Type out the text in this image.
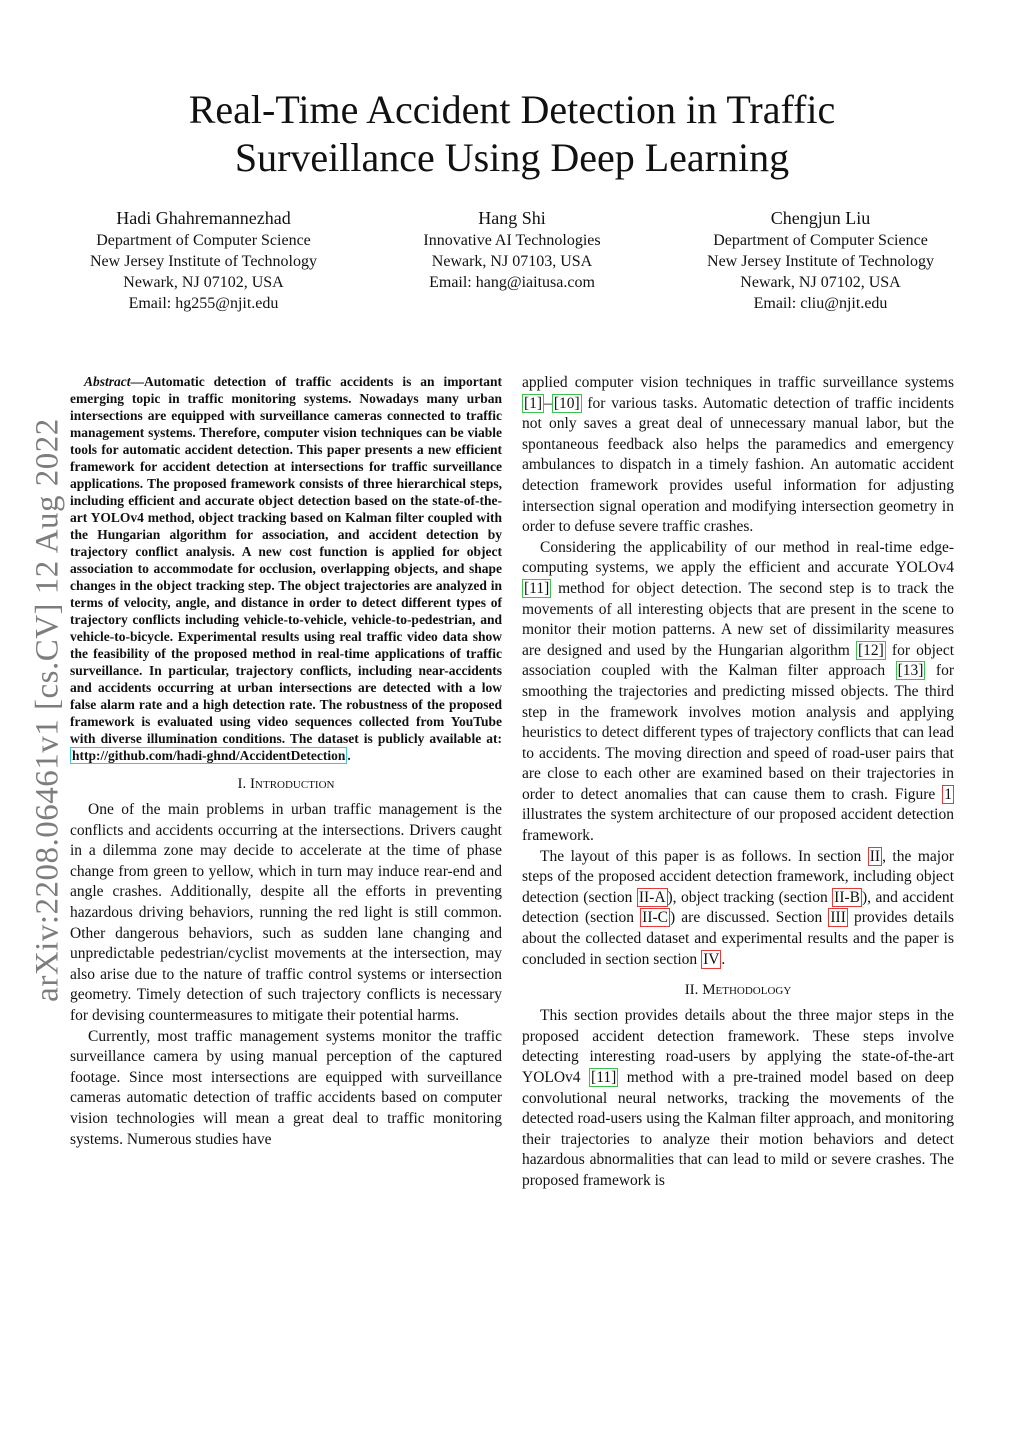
Real-Time Accident Detection in Traffic
Surveillance Using Deep Learning
Hadi Ghahremannezhad
Department of Computer Science
New Jersey Institute of Technology
Newark, NJ 07102, USA
Email: hg255@njit.edu
Hang Shi
Innovative AI Technologies
Newark, NJ 07103, USA
Email: hang@iaitusa.com
Chengjun Liu
Department of Computer Science
New Jersey Institute of Technology
Newark, NJ 07102, USA
Email: cliu@njit.edu
arXiv:2208.06461v1 [cs.CV] 12 Aug 2022

Abstract—Automatic detection of traffic accidents is an important emerging topic in traffic monitoring systems. Nowadays many urban intersections are equipped with surveillance cameras connected to traffic management systems. Therefore, computer vision techniques can be viable tools for automatic accident detection. This paper presents a new efficient framework for accident detection at intersections for traffic surveillance applications. The proposed framework consists of three hierarchical steps, including efficient and accurate object detection based on the state-of-the-art YOLOv4 method, object tracking based on Kalman filter coupled with the Hungarian algorithm for association, and accident detection by trajectory conflict analysis. A new cost function is applied for object association to accommodate for occlusion, overlapping objects, and shape changes in the object tracking step. The object trajectories are analyzed in terms of velocity, angle, and distance in order to detect different types of trajectory conflicts including vehicle-to-vehicle, vehicle-to-pedestrian, and vehicle-to-bicycle. Experimental results using real traffic video data show the feasibility of the proposed method in real-time applications of traffic surveillance. In particular, trajectory conflicts, including near-accidents and accidents occurring at urban intersections are detected with a low false alarm rate and a high detection rate. The robustness of the proposed framework is evaluated using video sequences collected from YouTube with diverse illumination conditions. The dataset is publicly available at: http://github.com/hadi-ghnd/AccidentDetection .

I. Introduction

One of the main problems in urban traffic management is the conflicts and accidents occurring at the intersections. Drivers caught in a dilemma zone may decide to accelerate at the time of phase change from green to yellow, which in turn may induce rear-end and angle crashes. Additionally, despite all the efforts in preventing hazardous driving behaviors, running the red light is still common. Other dangerous behaviors, such as sudden lane changing and unpredictable pedestrian/cyclist movements at the intersection, may also arise due to the nature of traffic control systems or intersection geometry. Timely detection of such trajectory conflicts is necessary for devising countermeasures to mitigate their potential harms.

Currently, most traffic management systems monitor the traffic surveillance camera by using manual perception of the captured footage. Since most intersections are equipped with surveillance cameras automatic detection of traffic accidents based on computer vision technologies will mean a great deal to traffic monitoring systems. Numerous studies have

applied computer vision techniques in traffic surveillance systems [1] – [10] for various tasks. Automatic detection of traffic incidents not only saves a great deal of unnecessary manual labor, but the spontaneous feedback also helps the paramedics and emergency ambulances to dispatch in a timely fashion. An automatic accident detection framework provides useful information for adjusting intersection signal operation and modifying intersection geometry in order to defuse severe traffic crashes.

Considering the applicability of our method in real-time edge-computing systems, we apply the efficient and accurate YOLOv4 [11] method for object detection. The second step is to track the movements of all interesting objects that are present in the scene to monitor their motion patterns. A new set of dissimilarity measures are designed and used by the Hungarian algorithm [12] for object association coupled with the Kalman filter approach [13] for smoothing the trajectories and predicting missed objects. The third step in the framework involves motion analysis and applying heuristics to detect different types of trajectory conflicts that can lead to accidents. The moving direction and speed of road-user pairs that are close to each other are examined based on their trajectories in order to detect anomalies that can cause them to crash. Figure 1 illustrates the system architecture of our proposed accident detection framework.

The layout of this paper is as follows. In section II , the major steps of the proposed accident detection framework, including object detection (section II-A ), object tracking (section II-B ), and accident detection (section II-C ) are discussed. Section III provides details about the collected dataset and experimental results and the paper is concluded in section section IV .

II. Methodology

This section provides details about the three major steps in the proposed accident detection framework. These steps involve detecting interesting road-users by applying the state-of-the-art YOLOv4 [11] method with a pre-trained model based on deep convolutional neural networks, tracking the movements of the detected road-users using the Kalman filter approach, and monitoring their trajectories to analyze their motion behaviors and detect hazardous abnormalities that can lead to mild or severe crashes. The proposed framework is
